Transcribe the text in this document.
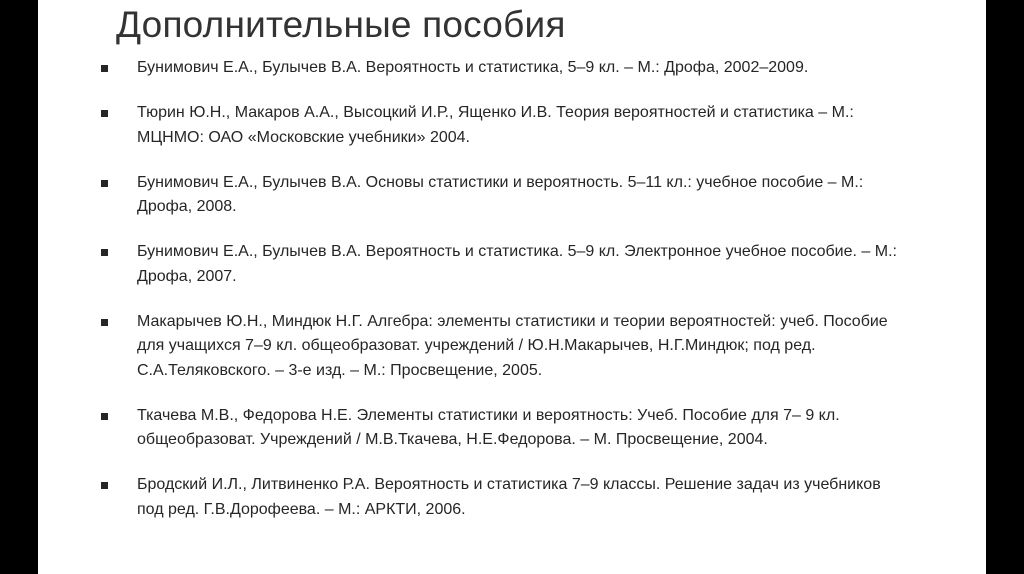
Дополнительные пособия
Бунимович Е.А., Булычев В.А. Вероятность и статистика, 5–9 кл. – М.: Дрофа, 2002–2009.
Тюрин Ю.Н., Макаров А.А., Высоцкий И.Р., Ященко И.В. Теория вероятностей и статистика – М.: МЦНМО: ОАО «Московские учебники» 2004.
Бунимович Е.А., Булычев В.А. Основы статистики и вероятность. 5–11 кл.: учебное пособие – М.: Дрофа, 2008.
Бунимович Е.А., Булычев В.А. Вероятность и статистика. 5–9 кл. Электронное учебное пособие. – М.: Дрофа, 2007.
Макарычев Ю.Н., Миндюк Н.Г. Алгебра: элементы статистики и теории вероятностей: учеб. Пособие для учащихся 7–9 кл. общеобразоват. учреждений / Ю.Н.Макарычев, Н.Г.Миндюк; под ред. С.А.Теляковского. – 3-е изд. – М.: Просвещение, 2005.
Ткачева М.В., Федорова Н.Е. Элементы статистики и вероятность: Учеб. Пособие для 7– 9 кл. общеобразоват. Учреждений / М.В.Ткачева, Н.Е.Федорова. – М. Просвещение, 2004.
Бродский И.Л., Литвиненко Р.А. Вероятность и статистика 7–9 классы. Решение задач из учебников под ред. Г.В.Дорофеева. – М.: АРКТИ, 2006.
